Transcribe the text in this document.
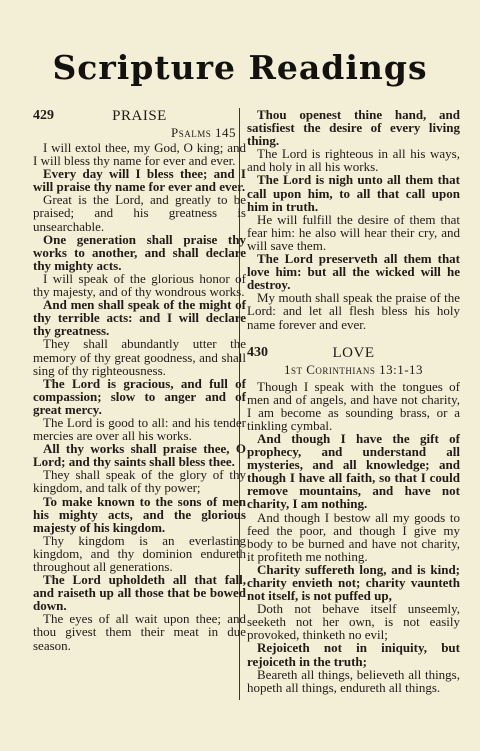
Scripture Readings
429	PRAISE
Psalms 145

I will extol thee, my God, O king; and I will bless thy name for ever and ever.

Every day will I bless thee; and I will praise thy name for ever and ever.

Great is the Lord, and greatly to be praised; and his greatness is unsearchable.

One generation shall praise thy works to another, and shall declare thy mighty acts.

I will speak of the glorious honor of thy majesty, and of thy wondrous works.

And men shall speak of the might of thy terrible acts: and I will declare thy greatness.

They shall abundantly utter the memory of thy great goodness, and shall sing of thy righteousness.

The Lord is gracious, and full of compassion; slow to anger and of great mercy.

The Lord is good to all: and his tender mercies are over all his works.

All thy works shall praise thee, O Lord; and thy saints shall bless thee.

They shall speak of the glory of thy kingdom, and talk of thy power;

To make known to the sons of men his mighty acts, and the glorious majesty of his kingdom.

Thy kingdom is an everlasting kingdom, and thy dominion endureth throughout all generations.

The Lord upholdeth all that fall, and raiseth up all those that be bowed down.

The eyes of all wait upon thee; and thou givest them their meat in due season.

Thou openest thine hand, and satisfiest the desire of every living thing.

The Lord is righteous in all his ways, and holy in all his works.

The Lord is nigh unto all them that call upon him, to all that call upon him in truth.

He will fulfill the desire of them that fear him: he also will hear their cry, and will save them.

The Lord preserveth all them that love him: but all the wicked will he destroy.

My mouth shall speak the praise of the Lord: and let all flesh bless his holy name forever and ever.

430	LOVE
1st Corinthians 13:1-13

Though I speak with the tongues of men and of angels, and have not charity, I am become as sounding brass, or a tinkling cymbal.

And though I have the gift of prophecy, and understand all mysteries, and all knowledge; and though I have all faith, so that I could remove mountains, and have not charity, I am nothing.

And though I bestow all my goods to feed the poor, and though I give my body to be burned and have not charity, it profiteth me nothing.

Charity suffereth long, and is kind; charity envieth not; charity vaunteth not itself, is not puffed up,

Doth not behave itself unseemly, seeketh not her own, is not easily provoked, thinketh no evil;

Rejoiceth not in iniquity, but rejoiceth in the truth;

Beareth all things, believeth all things, hopeth all things, endureth all things.
